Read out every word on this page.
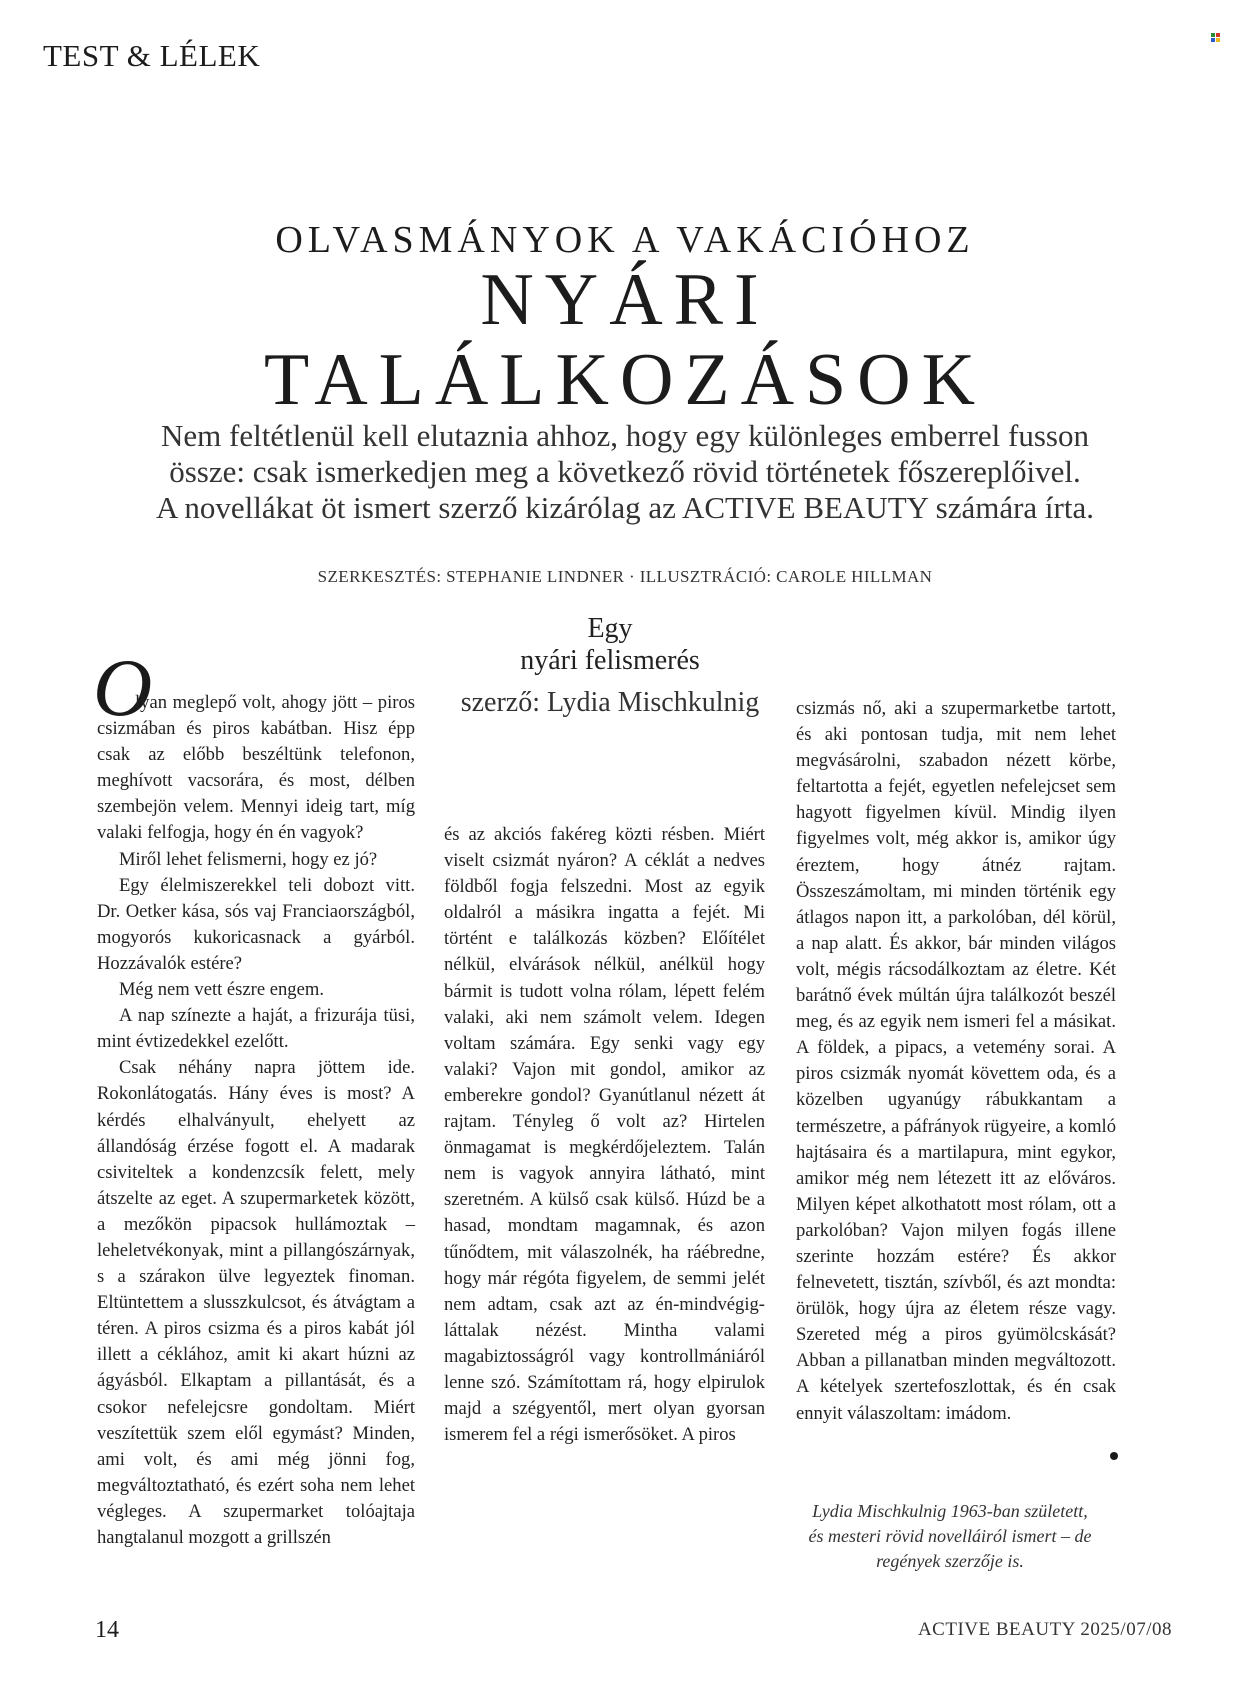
TEST & LÉLEK
OLVASMÁNYOK A VAKÁCIÓHOZ
NYÁRI
TALÁLKOZÁSOK
Nem feltétlenül kell elutaznia ahhoz, hogy egy különleges emberrel fusson
össze: csak ismerkedjen meg a következő rövid történetek főszereplőivel.
A novellákat öt ismert szerző kizárólag az ACTIVE BEAUTY számára írta.
SZERKESZTÉS: STEPHANIE LINDNER · ILLUSZTRÁCIÓ: CAROLE HILLMAN
Egy
nyári felismerés
szerző: Lydia Mischkulnig
O

lyan meglepő volt, ahogy jött – piros csizmában és piros kabátban. Hisz épp csak az előbb beszéltünk telefonon, meghívott vacsorára, és most, délben szembejön velem. Mennyi ideig tart, míg valaki felfogja, hogy én én vagyok?

Miről lehet felismerni, hogy ez jó?

Egy élelmiszerekkel teli dobozt vitt. Dr. Oetker kása, sós vaj Franciaországból, mogyorós kukoricasnack a gyárból. Hozzávalók estére?

Még nem vett észre engem.

A nap színezte a haját, a frizurája tüsi, mint évtizedekkel ezelőtt.

Csak néhány napra jöttem ide. Rokonlátogatás. Hány éves is most? A kérdés elhalványult, ehelyett az állandóság érzése fogott el. A madarak csiviteltek a kondenzcsík felett, mely átszelte az eget. A szupermarketek között, a mezőkön pipacsok hullámoztak – leheletvékonyak, mint a pillangószárnyak, s a szárakon ülve legyeztek finoman. Eltüntettem a slusszkulcsot, és átvágtam a téren. A piros csizma és a piros kabát jól illett a céklához, amit ki akart húzni az ágyásból. Elkaptam a pillantását, és a csokor nefelejcsre gondoltam. Miért veszítettük szem elől egymást? Minden, ami volt, és ami még jönni fog, megváltoztatható, és ezért soha nem lehet végleges. A szupermarket tolóajtaja hangtalanul mozgott a grillszén

és az akciós fakéreg közti résben. Miért viselt csizmát nyáron? A céklát a nedves földből fogja felszedni. Most az egyik oldalról a másikra ingatta a fejét. Mi történt e találkozás közben? Előítélet nélkül, elvárások nélkül, anélkül hogy bármit is tudott volna rólam, lépett felém valaki, aki nem számolt velem. Idegen voltam számára. Egy senki vagy egy valaki? Vajon mit gondol, amikor az emberekre gondol? Gyanútlanul nézett át rajtam. Tényleg ő volt az? Hirtelen önmagamat is megkérdőjeleztem. Talán nem is vagyok annyira látható, mint szeretném. A külső csak külső. Húzd be a hasad, mondtam magamnak, és azon tűnődtem, mit válaszolnék, ha ráébredne, hogy már régóta figyelem, de semmi jelét nem adtam, csak azt az én-mindvégig-láttalak nézést. Mintha valami magabiztosságról vagy kontrollmániáról lenne szó. Számítottam rá, hogy elpirulok majd a szégyentől, mert olyan gyorsan ismerem fel a régi ismerősöket. A piros

csizmás nő, aki a szupermarketbe tartott, és aki pontosan tudja, mit nem lehet megvásárolni, szabadon nézett körbe, feltartotta a fejét, egyetlen nefelejcset sem hagyott figyelmen kívül. Mindig ilyen figyelmes volt, még akkor is, amikor úgy éreztem, hogy átnéz rajtam. Összeszámoltam, mi minden történik egy átlagos napon itt, a parkolóban, dél körül, a nap alatt. És akkor, bár minden világos volt, mégis rácsodálkoztam az életre. Két barátnő évek múltán újra találkozót beszél meg, és az egyik nem ismeri fel a másikat. A földek, a pipacs, a vetemény sorai. A piros csizmák nyomát követtem oda, és a közelben ugyanúgy rábukkantam a természetre, a páfrányok rügyeire, a komló hajtásaira és a martilapura, mint egykor, amikor még nem létezett itt az előváros. Milyen képet alkothatott most rólam, ott a parkolóban? Vajon milyen fogás illene szerinte hozzám estére? És akkor felnevetett, tisztán, szívből, és azt mondta: örülök, hogy újra az életem része vagy. Szereted még a piros gyümölcskását? Abban a pillanatban minden megváltozott. A kételyek szertefoszlottak, és én csak ennyit válaszoltam: imádom.

Lydia Mischkulnig 1963-ban született,
és mesteri rövid novelláiról ismert – de
regények szerzője is.
14	ACTIVE BEAUTY 2025/07/08
